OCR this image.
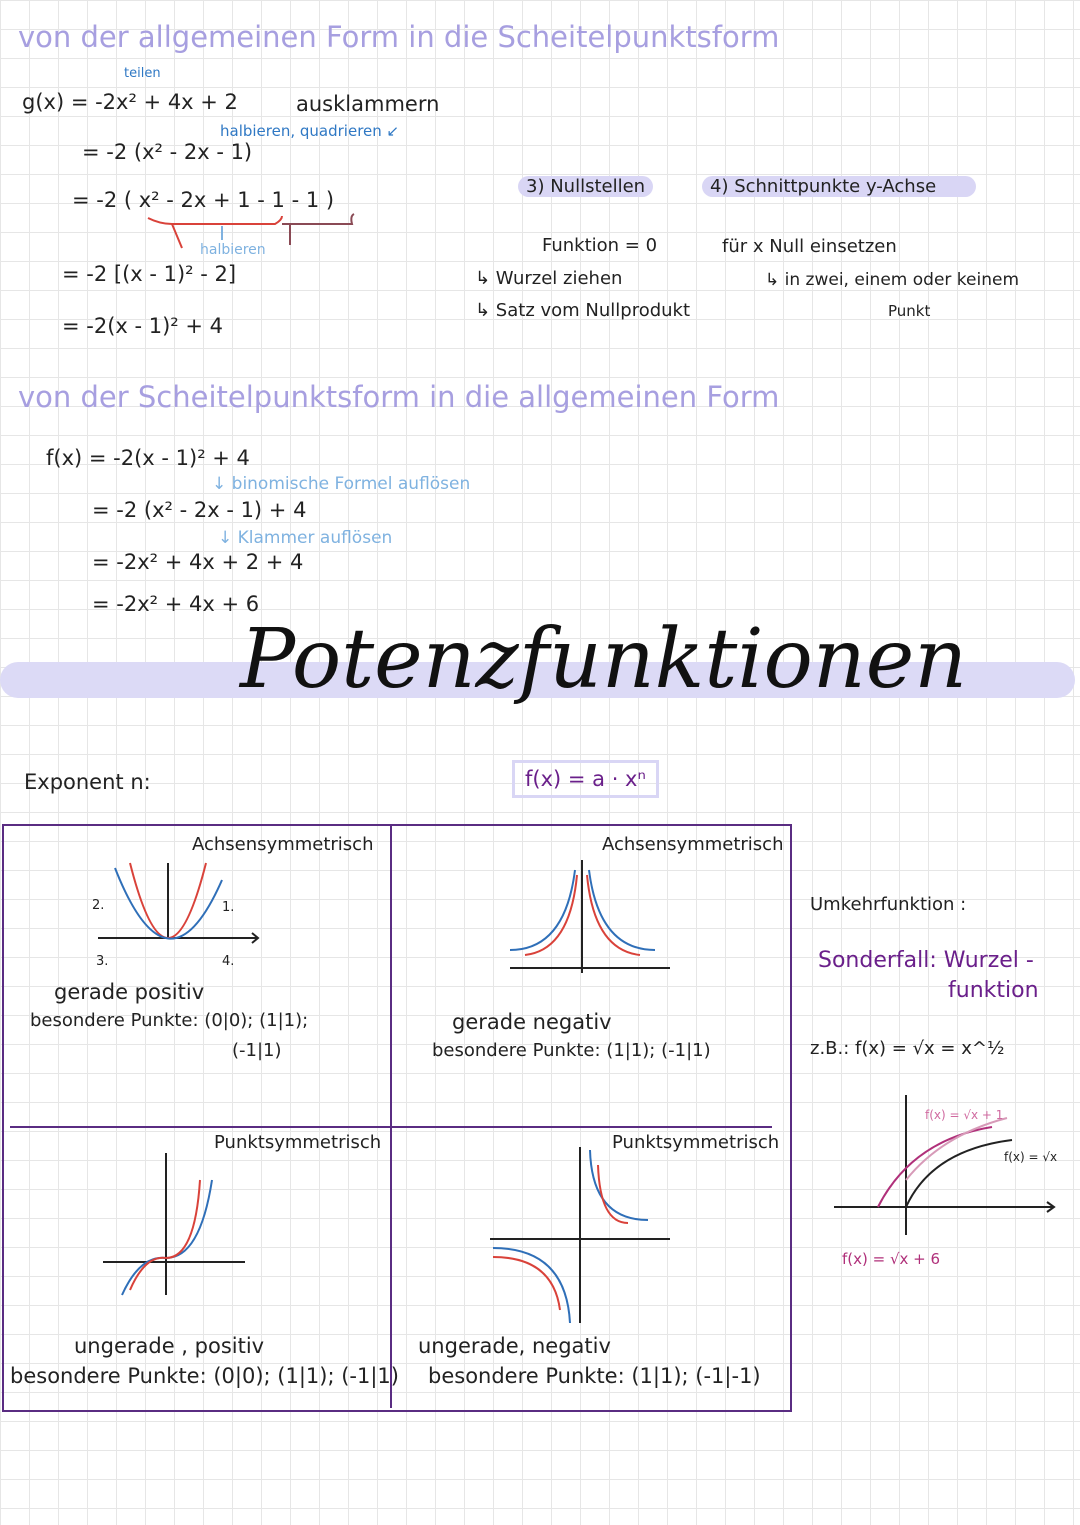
von der allgemeinen Form in die Scheitelpunktsform
teilen
g(x) = -2x² + 4x + 2	ausklammern
halbieren, quadrieren ↙
= -2 (x² - 2x - 1)
= -2 ( x² - 2x + 1 - 1 - 1 )
halbieren
= -2 [(x - 1)² - 2]
= -2(x - 1)² + 4
3) Nullstellen
Funktion = 0
↳ Wurzel ziehen
↳ Satz vom Nullprodukt
4) Schnittpunkte y-Achse
für x Null einsetzen
↳ in zwei, einem oder keinem
Punkt
von der Scheitelpunktsform in die allgemeinen Form
f(x) = -2(x - 1)² + 4
↓ binomische Formel auflösen
= -2 (x² - 2x - 1) + 4
↓ Klammer auflösen
= -2x² + 4x + 2 + 4
= -2x² + 4x + 6
Potenzfunktionen
Exponent n:	f(x) = a · xⁿ
Achsensymmetrisch
2.	1.
3.	4.
gerade positiv
besondere Punkte: (0|0); (1|1);
(-1|1)
Achsensymmetrisch
gerade negativ
besondere Punkte: (1|1); (-1|1)
Punktsymmetrisch
ungerade , positiv
besondere Punkte: (0|0); (1|1); (-1|1)
Punktsymmetrisch
ungerade, negativ
besondere Punkte: (1|1); (-1|-1)
Umkehrfunktion :
Sonderfall: Wurzel -
funktion
z.B.: f(x) = √x = x^½
f(x) = √x + 1
f(x) = √x
f(x) = √x + 6
